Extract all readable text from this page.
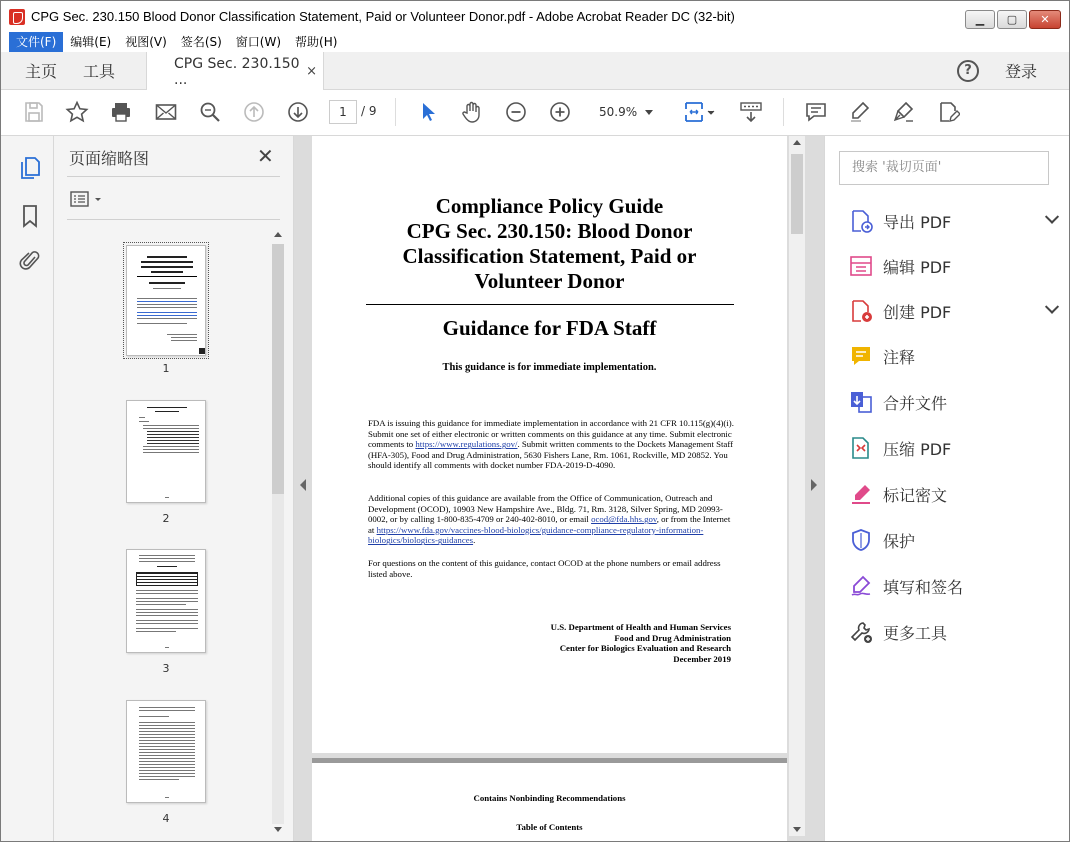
CPG Sec. 230.150 Blood Donor Classification Statement, Paid or Volunteer Donor.pdf - Adobe Acrobat Reader DC (32-bit)	▁	▢	✕
文件(F)	编辑(E)	视图(V)	签名(S)	窗口(W)	帮助(H)
主页	工具	CPG Sec. 230.150 ...	×	?	登录
1	/ 9	50.9%
页面缩略图	✕
1
2
3
4
Compliance Policy Guide
CPG Sec. 230.150: Blood Donor
Classification Statement, Paid or
Volunteer Donor
Guidance for FDA Staff
This guidance is for immediate implementation.
FDA is issuing this guidance for immediate implementation in accordance with 21 CFR 10.115(g)(4)(i). Submit one set of either electronic or written comments on this guidance at any time. Submit electronic comments to https://www.regulations.gov/. Submit written comments to the Dockets Management Staff (HFA-305), Food and Drug Administration, 5630 Fishers Lane, Rm. 1061, Rockville, MD 20852. You should identify all comments with docket number FDA-2019-D-4090.
Additional copies of this guidance are available from the Office of Communication, Outreach and Development (OCOD), 10903 New Hampshire Ave., Bldg. 71, Rm. 3128, Silver Spring, MD 20993-0002, or by calling 1-800-835-4709 or 240-402-8010, or email ocod@fda.hhs.gov, or from the Internet at https://www.fda.gov/vaccines-blood-biologics/guidance-compliance-regulatory-information-biologics/biologics-guidances.
For questions on the content of this guidance, contact OCOD at the phone numbers or email address listed above.
U.S. Department of Health and Human Services
Food and Drug Administration
Center for Biologics Evaluation and Research
December 2019
Contains Nonbinding Recommendations
Table of Contents
搜索 '裁切页面'
导出 PDF
编辑 PDF
创建 PDF
注释
合并文件
压缩 PDF
标记密文
保护
填写和签名
更多工具
